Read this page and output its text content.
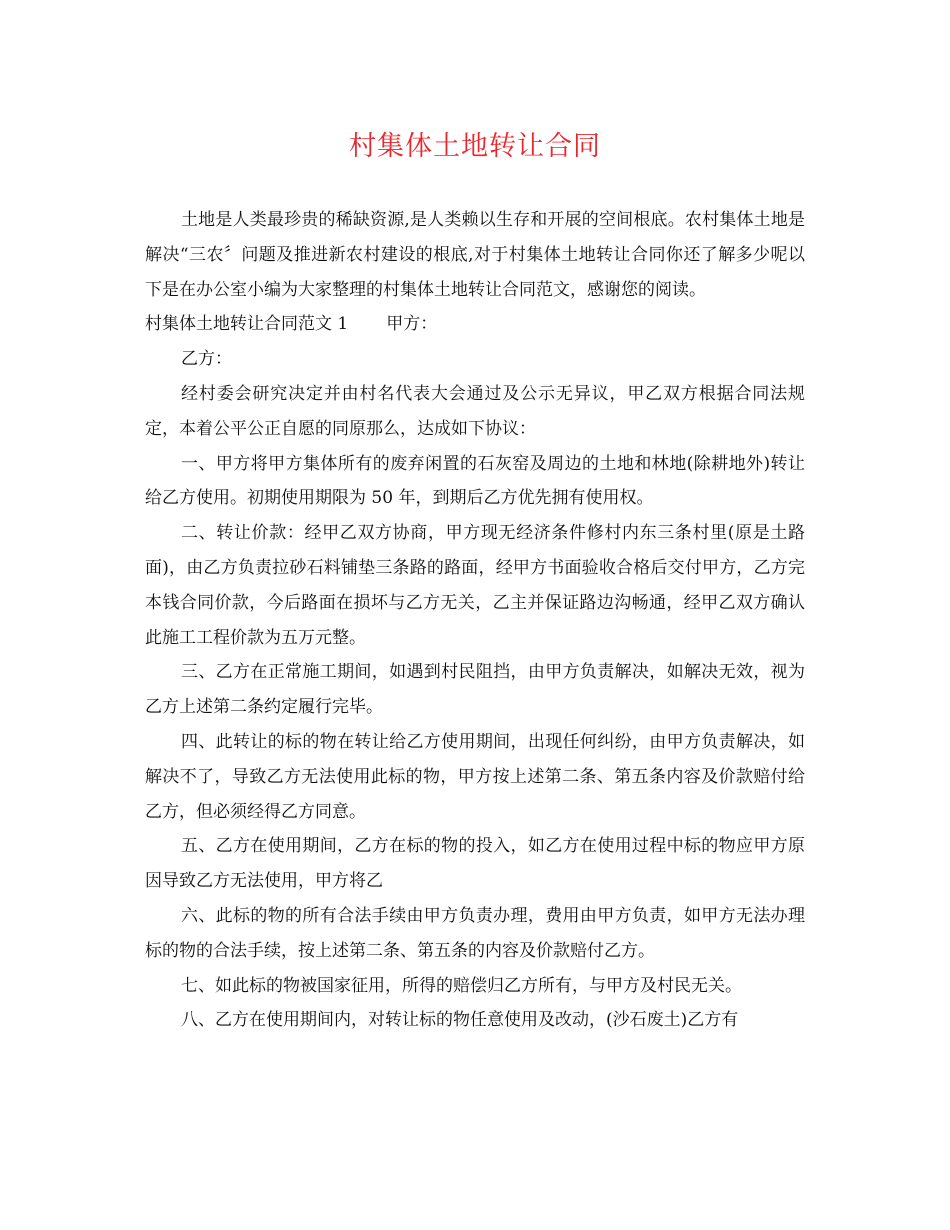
村集体土地转让合同

土地是人类最珍贵的稀缺资源,是人类赖以生存和开展的空间根底。农村集体土地是解决“三农〞问题及推进新农村建设的根底,对于村集体土地转让合同你还了解多少呢以下是在办公室小编为大家整理的村集体土地转让合同范文，感谢您的阅读。

村集体土地转让合同范文 1 甲方：

乙方：

经村委会研究决定并由村名代表大会通过及公示无异议，甲乙双方根据合同法规定，本着公平公正自愿的同原那么，达成如下协议：

一、甲方将甲方集体所有的废弃闲置的石灰窑及周边的土地和林地(除耕地外)转让给乙方使用。初期使用期限为 50 年，到期后乙方优先拥有使用权。

二、转让价款：经甲乙双方协商，甲方现无经济条件修村内东三条村里(原是土路面)，由乙方负责拉砂石料铺垫三条路的路面，经甲方书面验收合格后交付甲方，乙方完本钱合同价款，今后路面在损坏与乙方无关，乙主并保证路边沟畅通，经甲乙双方确认此施工工程价款为五万元整。

三、乙方在正常施工期间，如遇到村民阻挡，由甲方负责解决，如解决无效，视为乙方上述第二条约定履行完毕。

四、此转让的标的物在转让给乙方使用期间，出现任何纠纷，由甲方负责解决，如解决不了，导致乙方无法使用此标的物，甲方按上述第二条、第五条内容及价款赔付给乙方，但必须经得乙方同意。

五、乙方在使用期间，乙方在标的物的投入，如乙方在使用过程中标的物应甲方原因导致乙方无法使用，甲方将乙

六、此标的物的所有合法手续由甲方负责办理，费用由甲方负责，如甲方无法办理标的物的合法手续，按上述第二条、第五条的内容及价款赔付乙方。

七、如此标的物被国家征用，所得的赔偿归乙方所有，与甲方及村民无关。

八、乙方在使用期间内，对转让标的物任意使用及改动，(沙石废土)乙方有
